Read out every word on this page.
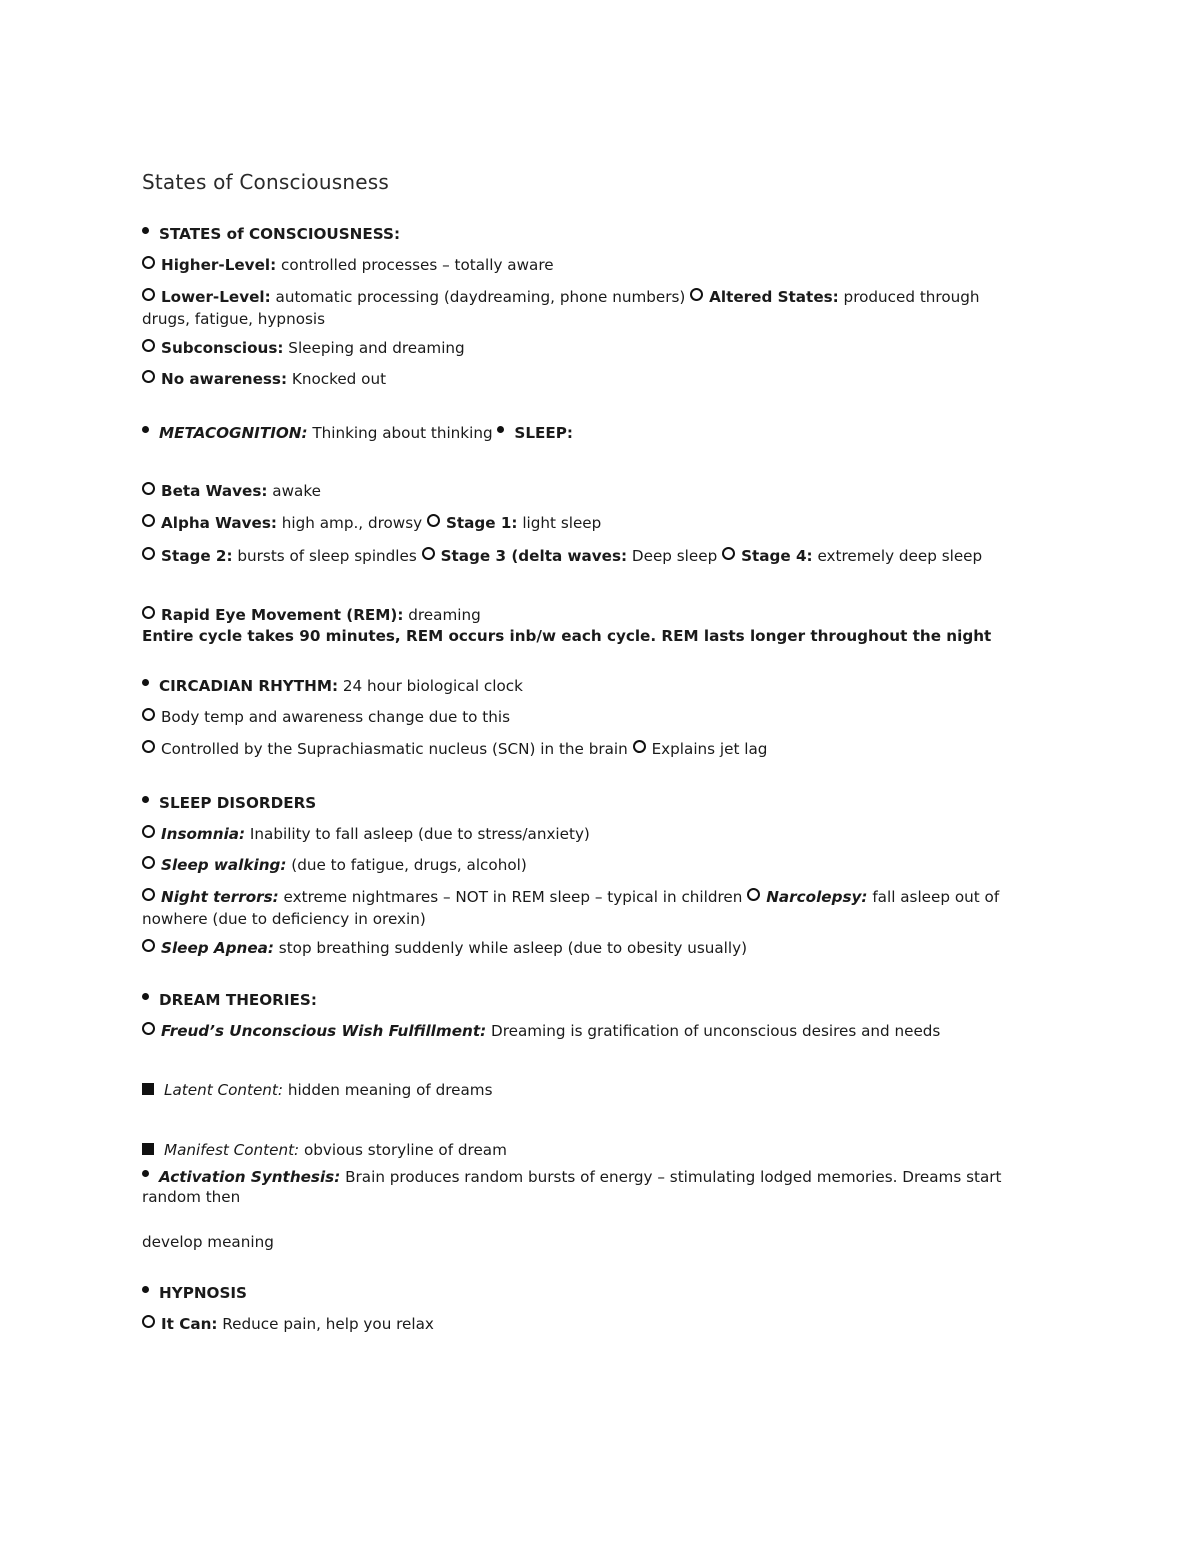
States of Consciousness
STATES of CONSCIOUSNESS:
Higher-Level: controlled processes – totally aware
Lower-Level: automatic processing (daydreaming, phone numbers) Altered States: produced through
drugs, fatigue, hypnosis
Subconscious: Sleeping and dreaming
No awareness: Knocked out
METACOGNITION: Thinking about thinking SLEEP:
Beta Waves: awake
Alpha Waves: high amp., drowsy Stage 1: light sleep
Stage 2: bursts of sleep spindles Stage 3 (delta waves: Deep sleep Stage 4: extremely deep sleep
Rapid Eye Movement (REM): dreaming
Entire cycle takes 90 minutes, REM occurs inb/w each cycle. REM lasts longer throughout the night
CIRCADIAN RHYTHM: 24 hour biological clock
Body temp and awareness change due to this
Controlled by the Suprachiasmatic nucleus (SCN) in the brain Explains jet lag
SLEEP DISORDERS
Insomnia: Inability to fall asleep (due to stress/anxiety)
Sleep walking: (due to fatigue, drugs, alcohol)
Night terrors: extreme nightmares – NOT in REM sleep – typical in children Narcolepsy: fall asleep out of
nowhere (due to deficiency in orexin)
Sleep Apnea: stop breathing suddenly while asleep (due to obesity usually)
DREAM THEORIES:
Freud’s Unconscious Wish Fulfillment: Dreaming is gratification of unconscious desires and needs
Latent Content: hidden meaning of dreams
Manifest Content: obvious storyline of dream
Activation Synthesis: Brain produces random bursts of energy – stimulating lodged memories. Dreams start
random then
develop meaning
HYPNOSIS
It Can: Reduce pain, help you relax
